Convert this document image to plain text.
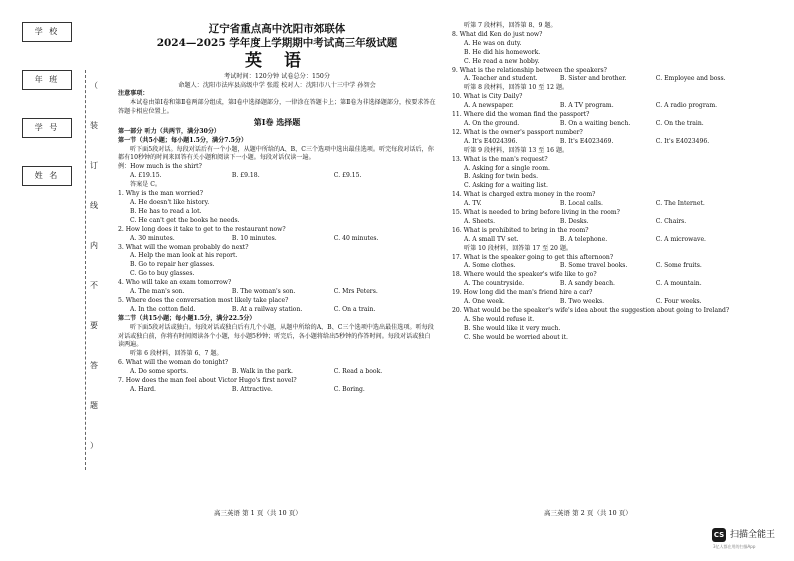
学 校
年 班
学 号
姓 名
（
装
订
线
内
不
要
答
题
）
辽宁省重点高中沈阳市郊联体
2024—2025 学年度上学期期中考试高三年级试题
英 语
考试时间：120分钟 试卷总分：150分
命题人：沈阳市法库县高级中学 张霞 校对人：沈阳市八十三中学 孙智会
注意事项：
本试卷由第Ⅰ卷和第Ⅱ卷两部分组成，第Ⅰ卷中选择题部分，一律涂在答题卡上；第Ⅱ卷为非选择题部分，按要求答在答题卡相应位置上。
第Ⅰ卷 选择题
第一部分 听力（共两节，满分30分）
第一节（共5小题；每小题1.5分，满分7.5分）
听下面5段对话。每段对话后有一个小题，从题中所给的A、B、C三个选项中选出最佳选项。听完每段对话后，你都有10秒钟的时间来回答有关小题和阅读下一小题。每段对话仅读一遍。
例：How much is the shirt?
A. £19.15.	B. £9.18.	C. £9.15.
答案是 C。
1. Why is the man worried?
A. He doesn't like history.
B. He has to read a lot.
C. He can't get the books he needs.
2. How long does it take to get to the restaurant now?
A. 30 minutes.	B. 10 minutes.	C. 40 minutes.
3. What will the woman probably do next?
A. Help the man look at his report.
B. Go to repair her glasses.
C. Go to buy glasses.
4. Who will take an exam tomorrow?
A. The man's son.	B. The woman's son.	C. Mrs Peters.
5. Where does the conversation most likely take place?
A. In the cotton field.	B. At a railway station.	C. On a train.
第二节（共15小题；每小题1.5分，满分22.5分）
听下面5段对话或独白。每段对话或独白后有几个小题，从题中所给的A、B、C三个选项中选出最佳选项。听每段对话或独白前，你将有时间阅读各个小题，每小题5秒钟；听完后，各小题将给出5秒钟的作答时间。每段对话或独白读两遍。
听第 6 段材料，回答第 6、7 题。
6. What will the woman do tonight?
A. Do some sports.	B. Walk in the park.	C. Read a book.
7. How does the man feel about Victor Hugo's first novel?
A. Hard.	B. Attractive.	C. Boring.
高三英语 第 1 页（共 10 页）
听第 7 段材料，回答第 8、9 题。
8. What did Ken do just now?
A. He was on duty.
B. He did his homework.
C. He read a new hobby.
9. What is the relationship between the speakers?
A. Teacher and student.	B. Sister and brother.	C. Employee and boss.
听第 8 段材料，回答第 10 至 12 题。
10. What is City Daily?
A. A newspaper.	B. A TV program.	C. A radio program.
11. Where did the woman find the passport?
A. On the ground.	B. On a waiting bench.	C. On the train.
12. What is the owner's passport number?
A. It's E4024396.	B. It's E4023469.	C. It's E4023496.
听第 9 段材料，回答第 13 至 16 题。
13. What is the man's request?
A. Asking for a single room.
B. Asking for twin beds.
C. Asking for a waiting list.
14. What is charged extra money in the room?
A. TV.	B. Local calls.	C. The Internet.
15. What is needed to bring before living in the room?
A. Sheets.	B. Desks.	C. Chairs.
16. What is prohibited to bring in the room?
A. A small TV set.	B. A telephone.	C. A microwave.
听第 10 段材料，回答第 17 至 20 题。
17. What is the speaker going to get this afternoon?
A. Some clothes.	B. Some travel books.	C. Some fruits.
18. Where would the speaker's wife like to go?
A. The countryside.	B. A sandy beach.	C. A mountain.
19. How long did the man's friend hire a car?
A. One week.	B. Two weeks.	C. Four weeks.
20. What would be the speaker's wife's idea about the suggestion about going to Ireland?
A. She would refuse it.
B. She would like it very much.
C. She would be worried about it.
高三英语 第 2 页（共 10 页）
CS 扫描全能王
3亿人都在用的扫描App
